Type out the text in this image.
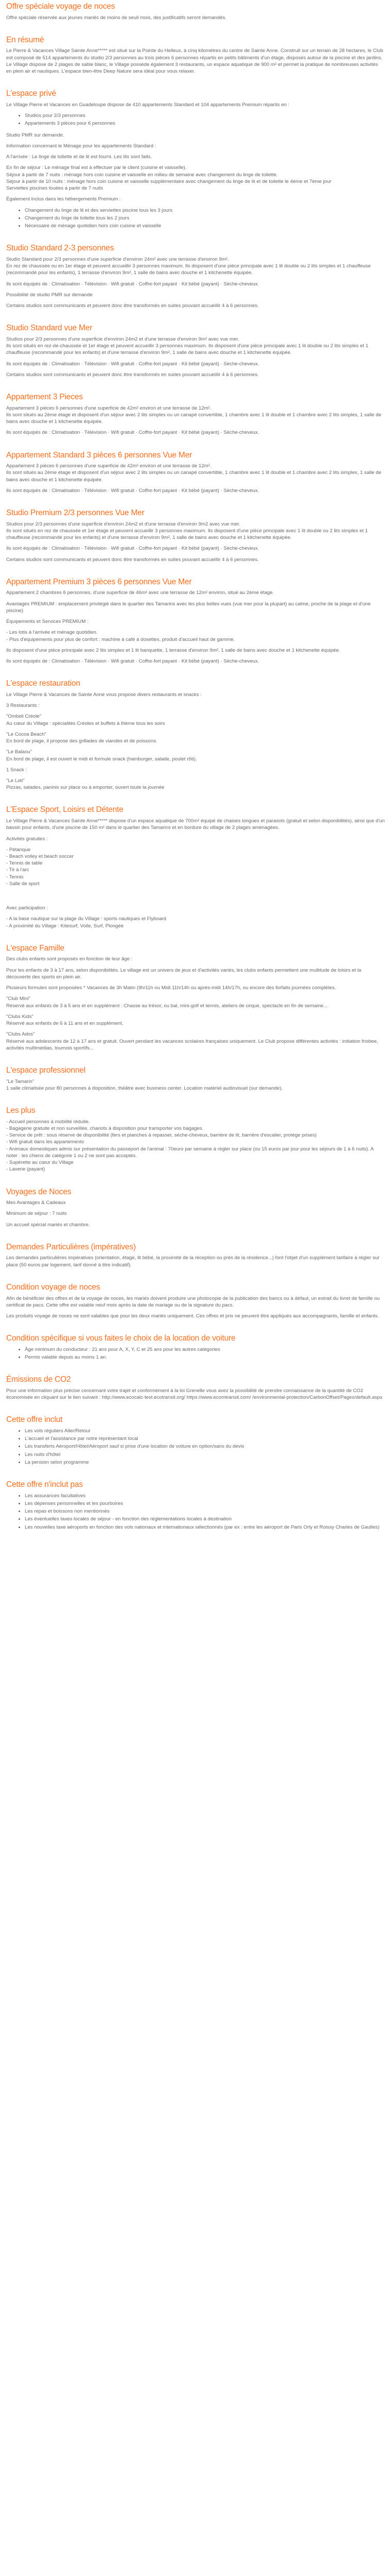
Offre spéciale voyage de noces

Offre spéciale réservée aux jeunes mariés de moins de seuil mois, des justificatifs seront demandés.

En résumé

Le Pierre & Vacances Village Sainte Anne***** est situé sur la Pointe du Helleux, à cinq kilomètres du centre de Sainte Anne. Construit sur un terrain de 28 hectares, le Club est composé de 514 appartements du studio 2/3 personnes au trois pièces 6 personnes répartis en petits bâtiments d'un étage, disposés autour de la piscine et des jardins. Le Village dispose de 2 plages de sable blanc, le Village possède également 3 restaurants, un espace aquatique de 900 m² et permet la pratique de nombreuses activités en plein air et nautiques. L'espace bien-être Deep Nature sera idéal pour vous relaxer.

L'espace privé

Le Village Pierre et Vacances en Guadeloupe dispose de 410 appartements Standard et 104 appartements Premium répartis en :

• Studios pour 2/3 personnes
• Appartements 3 pièces pour 6 personnes

Studio PMR sur demande.

Information concernant le Ménage pour les appartements Standard :

A l'arrivée : Le linge de toilette et de lit est fourni. Les lits sont faits.

En fin de séjour : Le ménage final est à effectuer par le client (cuisine et vaisselle).
Séjour à partir de 7 nuits : ménage hors coin cuisine et vaisselle en milieu de semaine avec changement du linge de toilette.
Séjour à partir de 10 nuits : ménage hors coin cuisine et vaisselle supplémentaire avec changement du linge de lit et de toilette le 4ème et 7ème jour
Serviettes piscines louées à partir de 7 nuits

Également inclus dans les hébergements Premium :

• Changement du linge de lit et des serviettes piscine tous les 3 jours
• Changement du linge de toilette tous les 2 jours
• Nécessaire de ménage quotidien hors coin cuisine et vaisselle
Studio Standard 2-3 personnes

Studio Standard pour 2/3 personnes d'une superficie d'environ 24m² avec une terrasse d'environ 9m².
En rez de chaussée ou en 1er étage et peuvent accueillir 3 personnes maximum. Ils disposent d'une pièce principale avec 1 lit double ou 2 lits simples et 1 chauffeuse (recommandé pour les enfants), 1 terrasse d'environ 9m², 1 salle de bains avec douche et 1 kitchenette équipée.

Ils sont équipés de : Climatisation · Télévision · Wifi gratuit · Coffre-fort payant · Kit bébé (payant) · Sèche-cheveux.

Possibilité de studio PMR sur demande

Certains studios sont communicants et peuvent donc être transformés en suites pouvant accueillir 4 à 6 personnes.

Studio Standard vue Mer

Studios pour 2/3 personnes d'une superficie d'environ 24m2 et d'une terrasse d'environ 9m² avec vue mer.
Ils sont situés en rez-de-chaussée et 1er étage et peuvent accueillir 3 personnes maximum. Ils disposent d'une pièce principale avec 1 lit double ou 2 lits simples et 1 chauffeuse (recommandé pour les enfants) et d'une terrasse d'environ 9m², 1 salle de bains avec douche et 1 kitchenette équipée.

Ils sont équipés de : Climatisation · Télévision · Wifi gratuit · Coffre-fort payant · Kit bébé (payant) · Sèche-cheveux.

Certains studios sont communicants et peuvent donc être transformés en suites pouvant accueillir 4 à 6 personnes.

Appartement 3 Pieces

Appartement 3 pièces 6 personnes d'une superficie de 42m² environ et une terrasse de 12m².
Ils sont situés au 2ème étage et disposent d'un séjour avec 2 lits simples ou un canapé convertible, 1 chambre avec 1 lit double et 1 chambre avec 2 lits simples, 1 salle de bains avec douche et 1 kitchenette équipée.

Ils sont équipés de : Climatisation · Télévision · Wifi gratuit · Coffre-fort payant · Kit bébé (payant) · Sèche-cheveux.

Appartement Standard 3 pièces 6 personnes Vue Mer

Appartement 3 pièces 6 personnes d'une superficie de 42m² environ et une terrasse de 12m².
Ils sont situés au 2ème étage et disposent d'un séjour avec 2 lits simples ou un canapé convertible, 1 chambre avec 1 lit double et 1 chambre avec 2 lits simples, 1 salle de bains avec douche et 1 kitchenette équipée.

Ils sont équipés de : Climatisation · Télévision · Wifi gratuit · Coffre-fort payant · Kit bébé (payant) · Sèche-cheveux.

Studio Premium 2/3 personnes Vue Mer

Studios pour 2/3 personnes d'une superficie d'environ 24m2 et d'une terrasse d'environ 9m2 avec vue mer.
Ils sont situés en rez de chaussée et 1er étage et peuvent accueillir 3 personnes maximum. Ils disposent d'une pièce principale avec 1 lit double ou 2 lits simples et 1 chauffeuse (recommandé pour les enfants) et d'une terrasse d'environ 9m², 1 salle de bains avec douche et 1 kitchenette équipée.

Ils sont équipés de : Climatisation · Télévision · Wifi gratuit · Coffre-fort payant · Kit bébé (payant) · Sèche-cheveux.

Certains studios sont communicants et peuvent donc être transformés en suites pouvant accueillir 4 à 6 personnes.

Appartement Premium 3 pièces 6 personnes Vue Mer

Appartement 2 chambres 6 personnes, d'une superficie de 46m² avec une terrasse de 12m² environ, situé au 2ème étage.

Avantages PREMIUM : emplacement privilégié dans le quartier des Tamarins avec les plus belles vues (vue mer pour la plupart) au calme, proche de la plage et d'une piscine)

Équipements et Services PREMIUM :

- Les lotis à l'arrivée et ménage quotidien.
- Plus d'équipements pour plus de confort : machine à café à dosettes, produit d'accueil haut de gamme.

Ils disposent d'une pièce principale avec 2 lits simples et 1 lit banquette, 1 terrasse d'environ 9m², 1 salle de bains avec douche et 1 kitchenette équipée.

Ils sont équipés de : Climatisation · Télévision · Wifi gratuit · Coffre-fort payant · Kit bébé (payant) · Sèche-cheveux.

L'espace restauration

Le Village Pierre & Vacances de Sainte Anne vous propose divers restaurants et snacks :

3 Restaurants :

"Ombeli Créole"
Au cœur du Village : spécialités Créoles et buffets à thème tous les soirs

"Le Cocoa Beach"
En bord de plage, il propose des grillades de viandes et de poissons.

"Le Balaou"
En bord de plage, il est ouvert le midi et formule snack (hamburger, salade, poulet rôti).

1 Snack :

"Le Loti"
Pizzas, salades, paninis sur place ou à emporter, ouvert toute la journée

L'Espace Sport, Loisirs et Détente

Le Village Pierre & Vacances Sainte Anne***** dispose d'un espace aquatique de 700m² équipé de chaises longues et parasols (gratuit et selon disponibilités), ainsi que d'un bassin pour enfants, d'une piscine de 150 m² dans le quartier des Tamarins et en bordure du village de 2 plages aménagées.

Activités gratuites :

- Pétanque
- Beach volley et beach soccer
- Tennis de table
- Tir à l'arc
- Tennis
- Salle de sport

Avec participation :

- A la base nautique sur la plage du Village : sports nautiques et Flyboard
- A proximité du Village : Kitesurf, Voile, Surf, Plongée

L'espace Famille

Des clubs enfants sont proposés en fonction de leur âge :

Pour les enfants de 3 à 17 ans, selon disponibilités. Le village est un univers de jeux et d'activités variés, les clubs enfants permettent une multitude de loisirs et la découverte des sports en plein air.

Plusieurs formules sont proposées * Vacances de 3h Matin (9h/11h ou Midi 11h/14h ou après-midi 14h/17h, ou encore des forfaits journées complètes.

"Club Mini"
Réservé aux enfants de 3 à 5 ans et en supplément : Chasse au trésor, ou bal, mini-golf et tennis, ateliers de cirque, spectacle en fin de semaine...

"Clubs Kids"
Réservé aux enfants de 6 à 11 ans et en supplément.

"Clubs Ados"
Réservé aux adolescents de 12 à 17 ans et gratuit. Ouvert pendant les vacances scolaires françaises uniquement. Le Club propose différentes activités : initiation frisbee, activités multimédias, tournois sportifs...

L'espace professionnel

"Le Tamarin"
1 salle climatisée pour 80 personnes à disposition, théâtre avec business center. Location matériel audiovisuel (sur demande).

Les plus

- Accueil personnes à mobilité réduite.
- Bagagerie gratuite et non surveillée, chariots à disposition pour transporter vos bagages.
- Service de prêt : sous réserve de disponibilité (fers et planches à repasser, sèche-cheveux, barrière de lit, barrière d'escalier, protège prises)
- Wifi gratuit dans les appartements
- Animaux domestiques admis sur présentation du passeport de l'animal : 70euro par semaine à régler sur place (ou 15 euros par jour pour les séjours de 1 à 6 nuits). A noter : les chiens de catégorie 1 ou 2 ne sont pas acceptés.
- Supérette au cœur du Village
- Laverie (payant)

Voyages de Noces

Mes Avantages & Cadeaux

Minimum de séjour : 7 nuits

Un accueil spécial mariés et chambre.

Demandes Particulières (impératives)

Les demandes particulières impératives (orientation, étage, lit bébé, la proximité de la réception ou près de la résidence...) font l'objet d'un supplément tarifaire à régler sur place (50 euros par logement, tarif donné à titre indicatif).

Condition voyage de noces

Afin de bénéficier des offres et de la voyage de noces, les mariés doivent produire une photocopie de la publication des bancs ou à défaut, un extrait du livret de famille ou certificat de pacs. Cette offre est valable neuf mois après la date de mariage ou de la signature du pacs.

Les produits voyage de noces ne sont valables que pour les deux mariés uniquement. Ces offres et prix ne peuvent être appliqués aux accompagnants, famille et enfants.

Condition spécifique si vous faites le choix de la location de voiture
• Âge minimum du conducteur : 21 ans pour A, X, Y, C et 25 ans pour les autres catégories
• Permis valable depuis au moins 1 an.
Émissions de CO2

Pour une information plus précise concernant votre trajet et conformément à la loi Grenelle vous avez la possibilité de prendre connaissance de la quantité de CO2 économisée en cliquant sur le lien suivant : http://www.ecocalc-test.ecotransit.org/ https://www.ecomtransit.com/ /environmental-protection/CarbonOffset/Pages/default.aspx

Cette offre inclut
• Les vols réguliers Aller/Retour
• L'accueil et l'assistance par notre représentant local
• Les transferts Aéroport/Hôtel/Aéroport sauf si prise d'une location de voiture en option/sans du devis
• Les nuits d'hôtel
• La pension selon programme
Cette offre n'inclut pas
• Les assurances facultatives
• Les dépenses personnelles et les pourboires
• Les repas et boissons non mentionnés
• Les éventuelles taxes locales de séjour - en fonction des réglementations locales à destination
• Les nouvelles taxe aéroports en fonction des vols nationaux et internationaux sélectionnés (par ex : entre les aéroport de Paris Orly et Roissy Charles de Gaulles)
